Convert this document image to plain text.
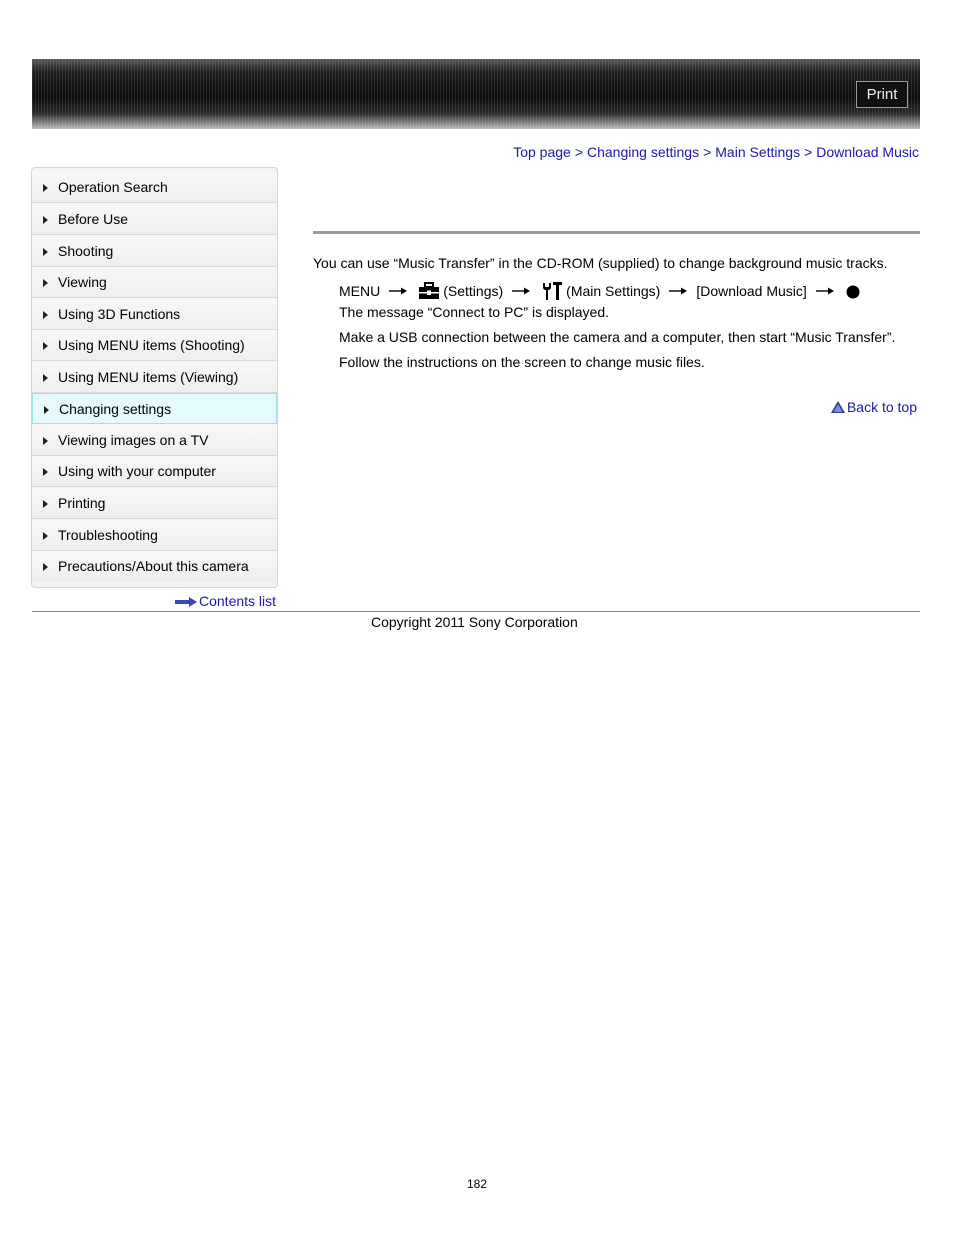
Print
Top page > Changing settings > Main Settings > Download Music
Operation Search
Before Use
Shooting
Viewing
Using 3D Functions
Using MENU items (Shooting)
Using MENU items (Viewing)
Changing settings
Viewing images on a TV
Using with your computer
Printing
Troubleshooting
Precautions/About this camera
Contents list
You can use “Music Transfer” in the CD-ROM (supplied) to change background music tracks.
MENU	(Settings)	(Main Settings)	[Download Music]
The message “Connect to PC” is displayed.
Make a USB connection between the camera and a computer, then start “Music Transfer”.
Follow the instructions on the screen to change music files.
Back to top
Copyright 2011 Sony Corporation
182
